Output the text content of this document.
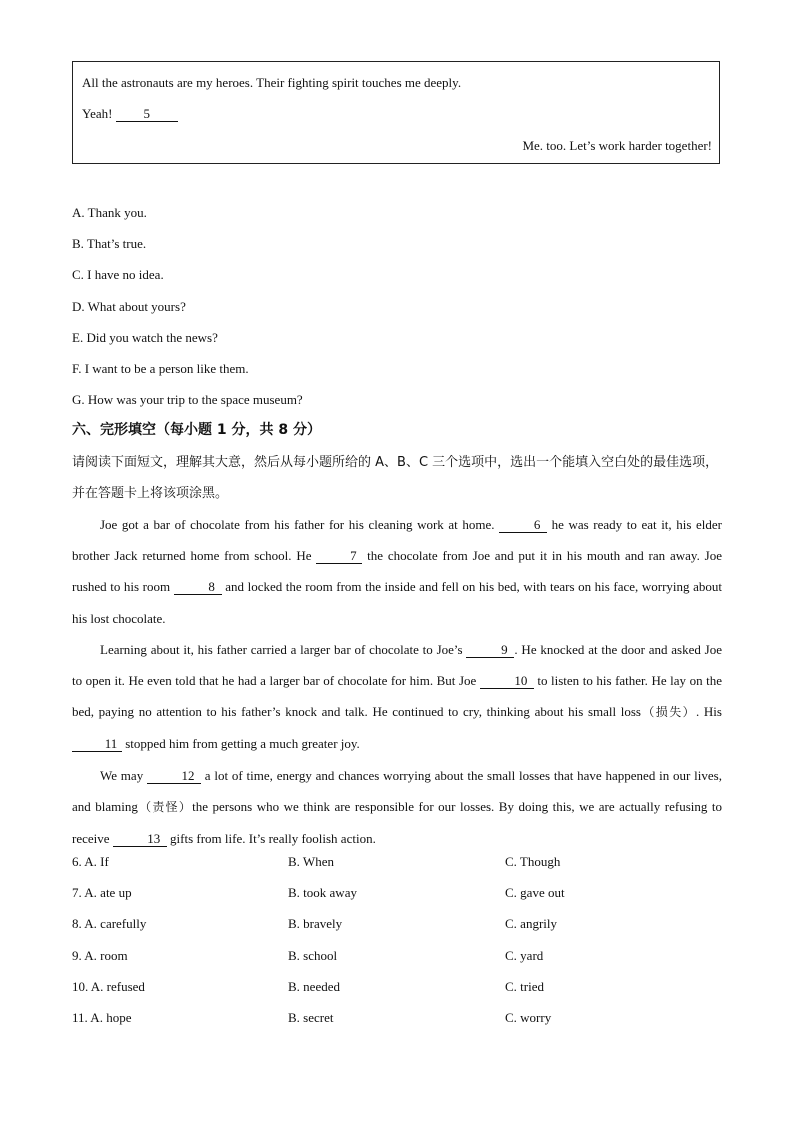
All the astronauts are my heroes. Their fighting spirit touches me deeply.
Yeah! 5
Me. too. Let’s work harder together!
A. Thank you.
B. That’s true.
C. I have no idea.
D. What about yours?
E. Did you watch the news?
F. I want to be a person like them.
G. How was your trip to the space museum?
六、完形填空（每小题 1 分，共 8 分）
请阅读下面短文，理解其大意，然后从每小题所给的 A、B、C 三个选项中，选出一个能填入空白处的最佳选项，并在答题卡上将该项涂黑。

Joe got a bar of chocolate from his father for his cleaning work at home.	6 he was ready to eat it, his elder brother Jack returned home from school. He	7 the chocolate from Joe and put it in his mouth and ran away. Joe rushed to his room	8 and locked the room from the inside and fell on his bed, with tears on his face, worrying about his lost chocolate.

Learning about it, his father carried a larger bar of chocolate to Joe’s	9 . He knocked at the door and asked Joe to open it. He even told that he had a larger bar of chocolate for him. But Joe	10 to listen to his father. He lay on the bed, paying no attention to his father’s knock and talk. He continued to cry, thinking about his small loss（损失）. His 11 stopped him from getting a much greater joy.

We may	12 a lot of time, energy and chances worrying about the small losses that have happened in our lives, and blaming（责怪）the persons who we think are responsible for our losses. By doing this, we are actually refusing to receive	13 gifts from life. It’s really foolish action.

6. A. If	B. When	C. Though
7. A. ate up	B. took away	C. gave out
8. A. carefully	B. bravely	C. angrily
9. A. room	B. school	C. yard
10. A. refused	B. needed	C. tried
11. A. hope	B. secret	C. worry
